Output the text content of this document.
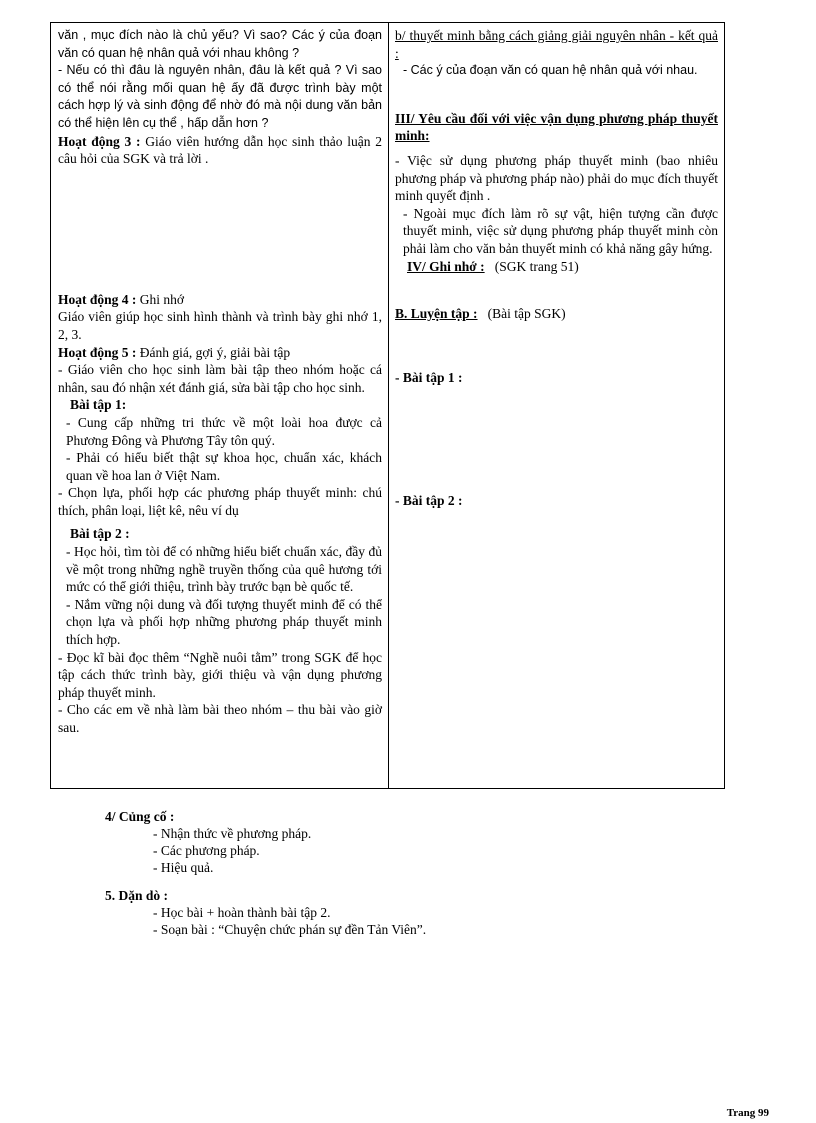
văn , mục đích nào là chủ yếu? Vì sao? Các ý của đoạn văn có quan hệ nhân quả với nhau không ?

- Nếu có thì đâu là nguyên nhân, đâu là kết quả ? Vì sao có thể nói rằng mối quan hệ ấy đã được trình bày một cách hợp lý và sinh động để nhờ đó mà nội dung văn bản có thể hiện lên cụ thể , hấp dẫn hơn ?

Hoạt động 3 : Giáo viên hướng dẫn học sinh thảo luận 2 câu hỏi của SGK và trả lời .

Hoạt động 4 : Ghi nhớ

Giáo viên giúp học sinh hình thành và trình bày ghi nhớ 1, 2, 3.

Hoạt động 5 : Đánh giá, gợi ý, giải bài tập

- Giáo viên cho học sinh làm bài tập theo nhóm hoặc cá nhân, sau đó nhận xét đánh giá, sửa bài tập cho học sinh.

Bài tập 1:

- Cung cấp những tri thức về một loài hoa được cả Phương Đông và Phương Tây tôn quý.

- Phải có hiểu biết thật sự khoa học, chuẩn xác, khách quan về hoa lan ở Việt Nam.

- Chọn lựa, phối hợp các phương pháp thuyết minh: chú thích, phân loại, liệt kê, nêu ví dụ

Bài tập 2 :

- Học hỏi, tìm tòi để có những hiểu biết chuẩn xác, đầy đủ về một trong những nghề truyền thống của quê hương tới mức có thể giới thiệu, trình bày trước bạn bè quốc tế.

- Nắm vững nội dung và đối tượng thuyết minh để có thể chọn lựa và phối hợp những phương pháp thuyết minh thích hợp.

- Đọc kĩ bài đọc thêm “Nghề nuôi tằm” trong SGK để học tập cách thức trình bày, giới thiệu và vận dụng phương pháp thuyết minh.

- Cho các em về nhà làm bài theo nhóm – thu bài vào giờ sau.

b/ thuyết minh bằng cách giảng giải nguyên nhân - kết quả :

- Các ý của đoạn văn có quan hệ nhân quả với nhau.

III/ Yêu cầu đối với việc vận dụng phương pháp thuyết minh:

- Việc sử dụng phương pháp thuyết minh (bao nhiêu phương pháp và phương pháp nào) phải do mục đích thuyết minh quyết định .

- Ngoài mục đích làm rõ sự vật, hiện tượng cần được thuyết minh, việc sử dụng phương pháp thuyết minh còn phải làm cho văn bản thuyết minh có khả năng gây hứng.

IV/ Ghi nhớ : (SGK trang 51)

B. Luyện tập : (Bài tập SGK)

- Bài tập 1 :

- Bài tập 2 :

4/ Củng cố :
- Nhận thức về phương pháp.
- Các phương pháp.
- Hiệu quả.
5. Dặn dò :
- Học bài + hoàn thành bài tập 2.
- Soạn bài : “Chuyện chức phán sự đền Tản Viên”.
Trang 99
